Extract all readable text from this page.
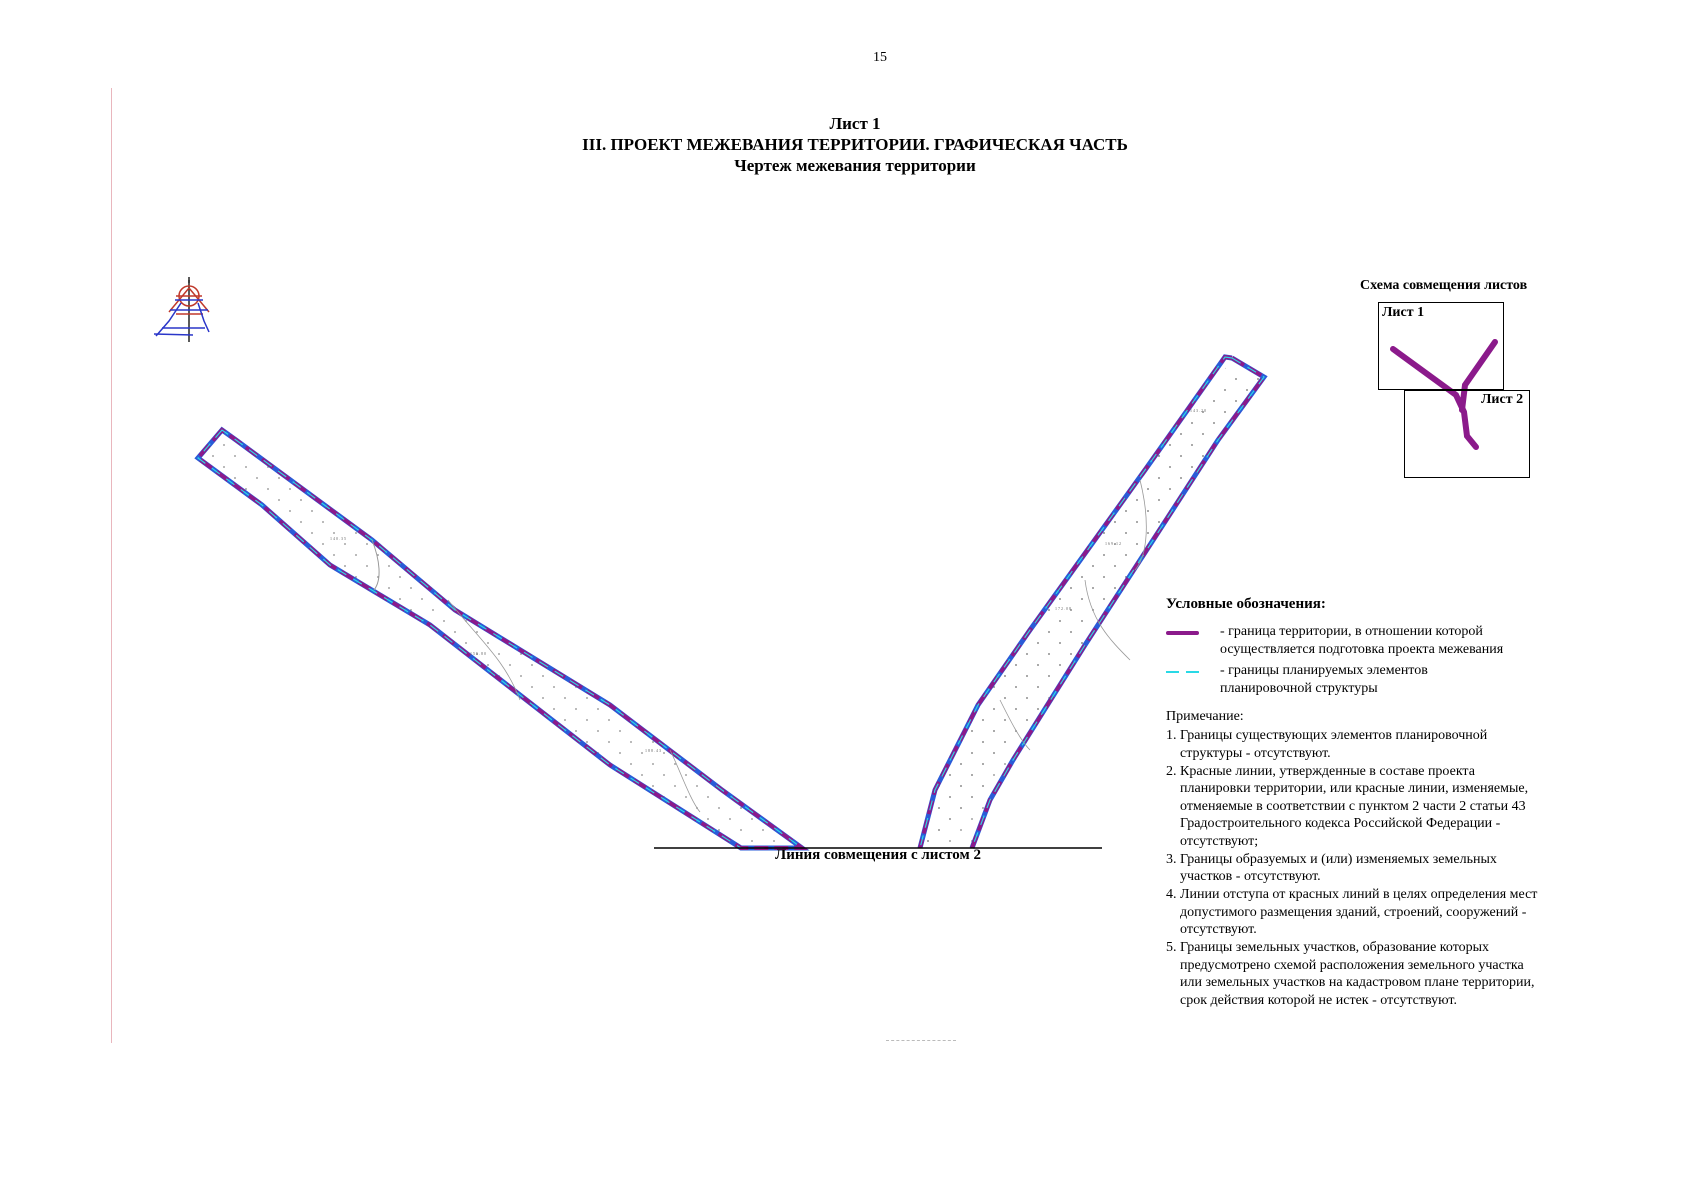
15
Лист 1
III. ПРОЕКТ МЕЖЕВАНИЯ ТЕРРИТОРИИ. ГРАФИЧЕСКАЯ ЧАСТЬ
Чертеж межевания территории
1 4 0 . 3 5
1 5 5 . 8 0
1 8 8 . 4 3
1 4 3 . 2 0
1 6 9 . 1 2
1 7 2 . 0 8
Схема совмещения листов
Лист 1
Лист 2
Линия совмещения с листом 2
Условные обозначения:
- граница территории, в отношении которой
осуществляется подготовка проекта межевания
- границы планируемых элементов
планировочной структуры
Примечание:
1. Границы существующих элементов планировочной структуры - отсутствуют.
2. Красные линии, утвержденные в составе проекта планировки территории, или красные линии, изменяемые, отменяемые в соответствии с пунктом 2 части 2 статьи 43 Градостроительного кодекса Российской Федерации - отсутствуют;
3. Границы образуемых и (или) изменяемых земельных участков - отсутствуют.
4. Линии отступа от красных линий в целях определения мест допустимого размещения зданий, строений, сооружений - отсутствуют.
5. Границы земельных участков, образование которых предусмотрено схемой расположения земельного участка или земельных участков на кадастровом плане территории, срок действия которой не истек - отсутствуют.
